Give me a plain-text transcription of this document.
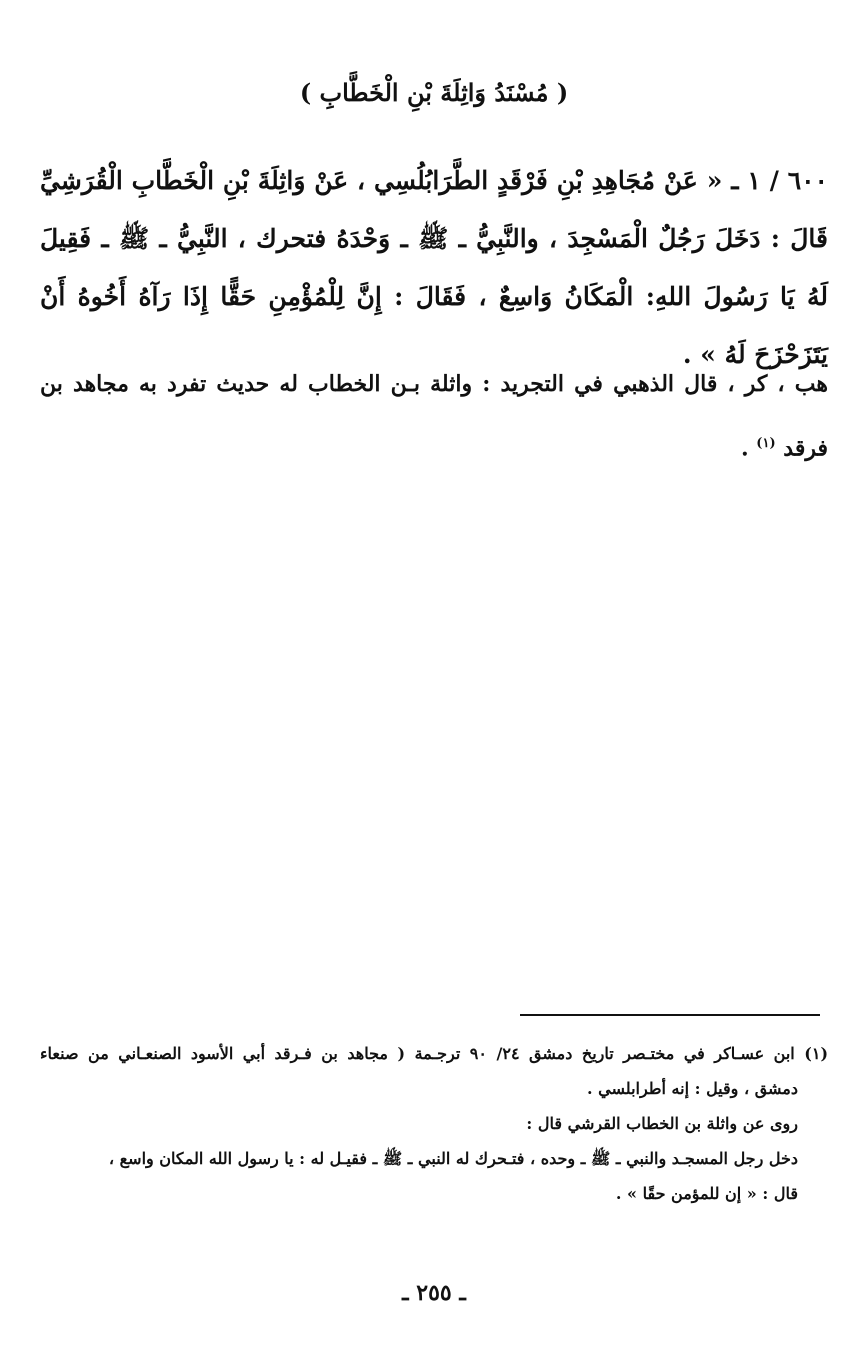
( مُسْنَدُ وَاثِلَةَ بْنِ الْخَطَّابِ )
٦٠٠ / ١ ـ « عَنْ مُجَاهِدِ بْنِ فَرْقَدٍ الطَّرَابُلُسِي ، عَنْ وَاثِلَةَ بْنِ الْخَطَّابِ الْقُرَشِيِّ قَالَ : دَخَلَ رَجُلٌ الْمَسْجِدَ ، والنَّبِيُّ ـ ﷺ ـ وَحْدَهُ فتحرك ، النَّبِيُّ ـ ﷺ ـ فَقِيلَ لَهُ يَا رَسُولَ اللهِ: الْمَكَانُ وَاسِعٌ ، فَقَالَ : إِنَّ لِلْمُؤْمِنِ حَقًّا إِذَا رَآهُ أَخُوهُ أَنْ يَتَزَحْزَحَ لَهُ » .
هب ، كر ، قال الذهبي في التجريد : واثلة بـن الخطاب له حديث تفرد به مجاهد بن فرقد $^{(١)}$ .
(١) ابن عسـاكر في مختـصر تاريخ دمشق ٢٤/ ٩٠ ترجـمة ( مجاهد بن فـرقد أبي الأسود الصنعـاني من صنعاء
دمشق ، وقيل : إنه أطرابلسي .
روى عن واثلة بن الخطاب القرشي قال :
دخل رجل المسجـد والنبي ـ ﷺ ـ وحده ، فتـحرك له النبي ـ ﷺ ـ فقيـل له : يا رسول الله المكان واسع ،
قال : « إن للمؤمن حقًا » .
ـ ٢٥٥ ـ
